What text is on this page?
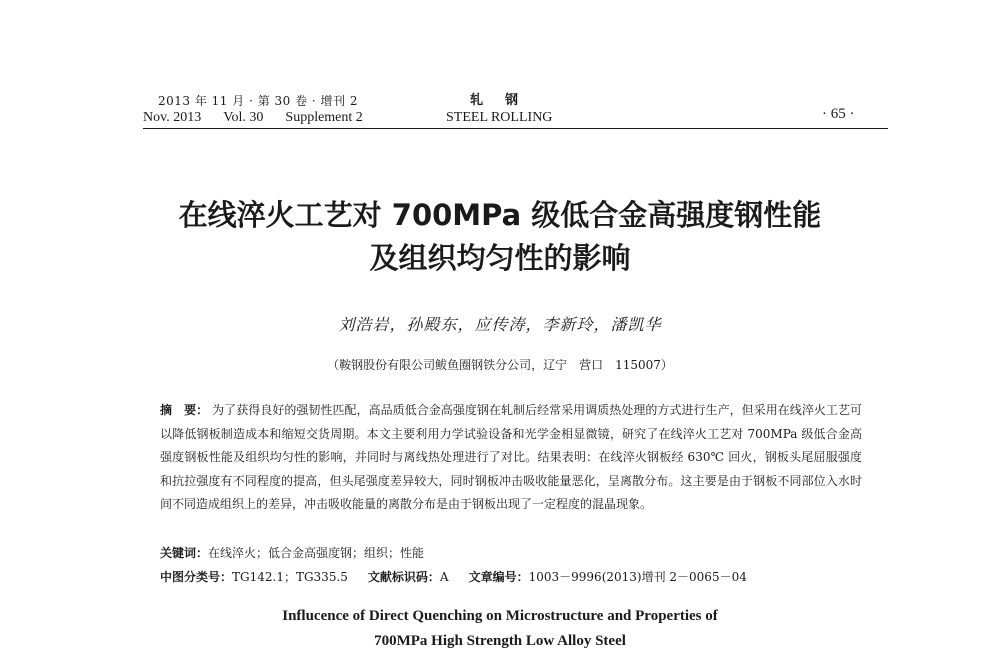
2013 年 11 月 · 第 30 卷 · 增刊 2	轧钢
Nov. 2013 Vol. 30 Supplement 2	STEEL ROLLING	· 65 ·
在线淬火工艺对 700MPa 级低合金高强度钢性能
及组织均匀性的影响
刘浩岩，孙殿东，应传涛，李新玲，潘凯华
（鞍钢股份有限公司鲅鱼圈钢铁分公司，辽宁　营口　115007）
摘　要： 为了获得良好的强韧性匹配，高品质低合金高强度钢在轧制后经常采用调质热处理的方式进行生产，但采用在线淬火工艺可以降低钢板制造成本和缩短交货周期。本文主要利用力学试验设备和光学金相显微镜，研究了在线淬火工艺对 700MPa 级低合金高强度钢板性能及组织均匀性的影响，并同时与离线热处理进行了对比。结果表明：在线淬火钢板经 630℃ 回火，钢板头尾屈服强度和抗拉强度有不同程度的提高，但头尾强度差异较大，同时钢板冲击吸收能量恶化，呈离散分布。这主要是由于钢板不同部位入水时间不同造成组织上的差异，冲击吸收能量的离散分布是由于钢板出现了一定程度的混晶现象。
关键词：在线淬火；低合金高强度钢；组织；性能
中图分类号：TG142.1；TG335.5 文献标识码：A 文章编号：1003－9996(2013)增刊 2－0065－04
Influcence of Direct Quenching on Microstructure and Properties of
700MPa High Strength Low Alloy Steel
